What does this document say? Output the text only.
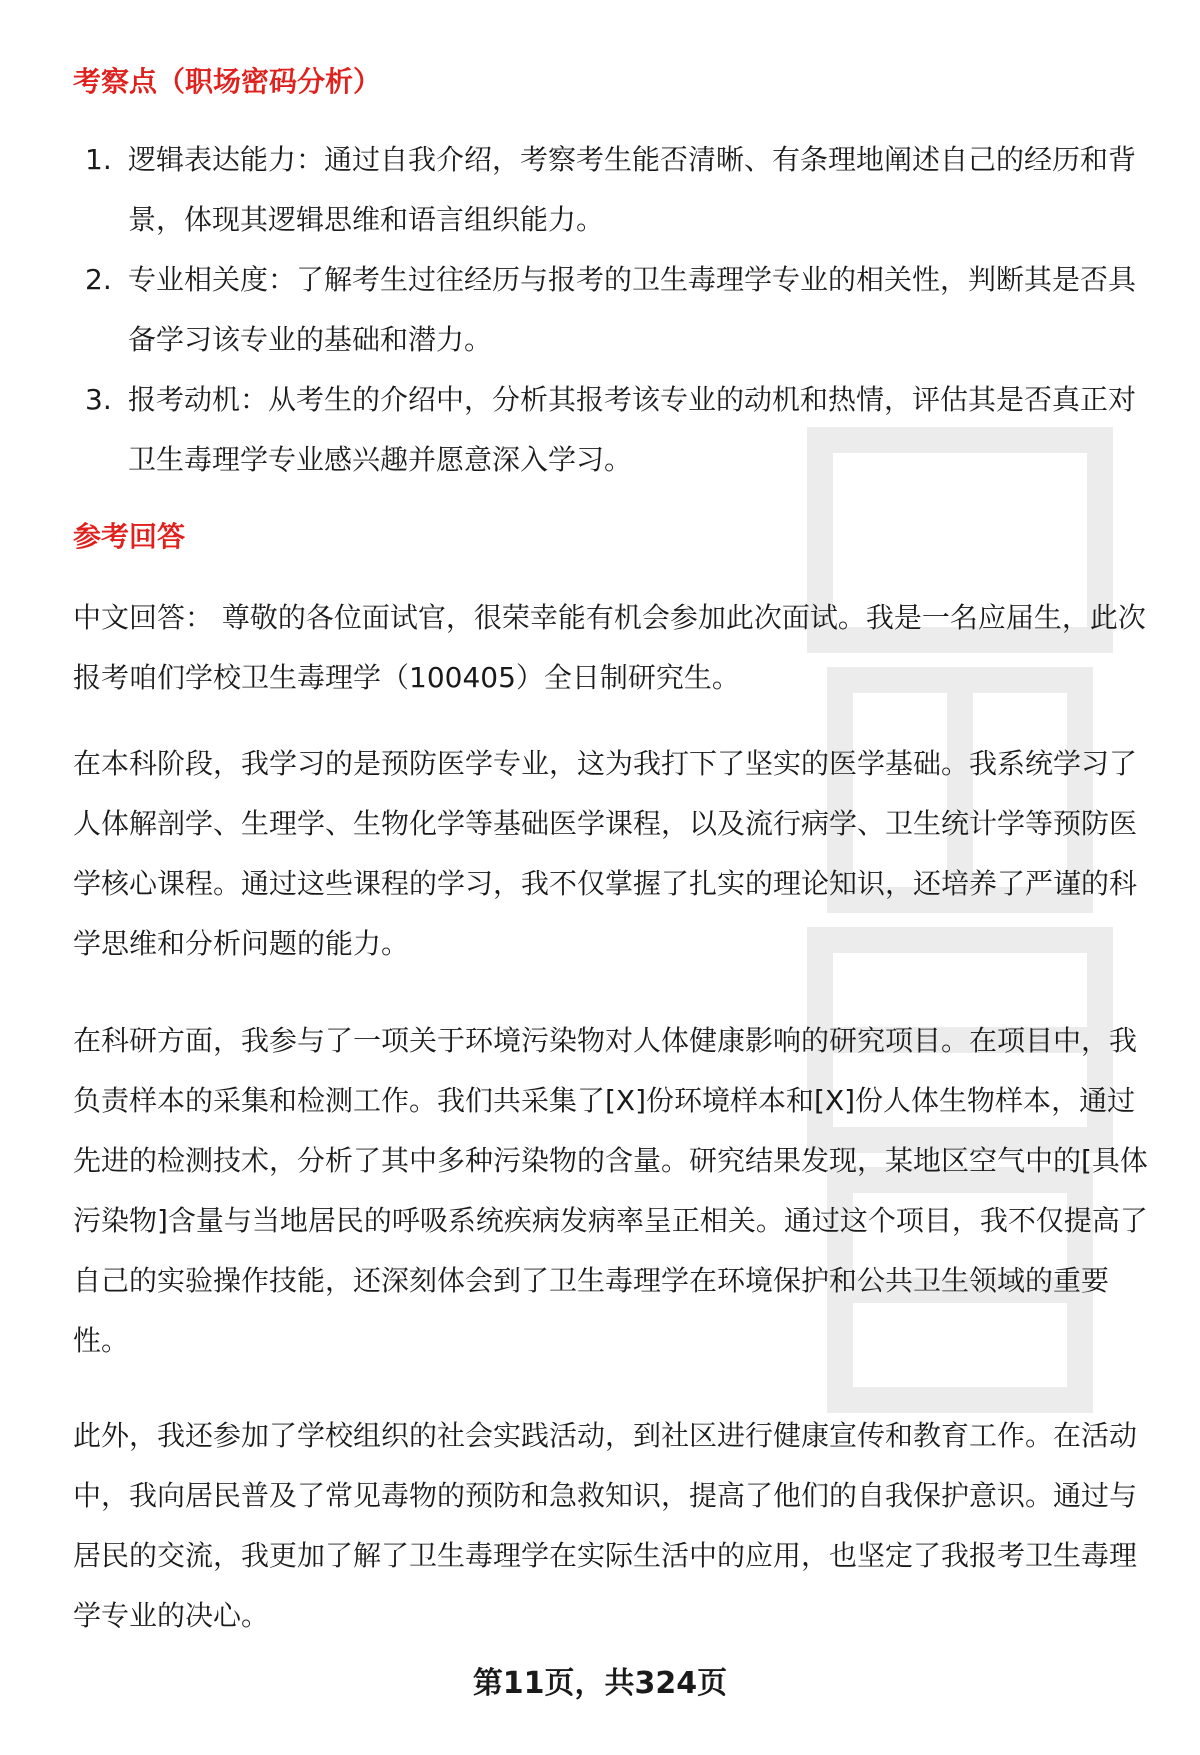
考察点（职场密码分析）
1. 逻辑表达能力：通过自我介绍，考察考生能否清晰、有条理地阐述自己的经历和背景，体现其逻辑思维和语言组织能力。
2. 专业相关度：了解考生过往经历与报考的卫生毒理学专业的相关性，判断其是否具备学习该专业的基础和潜力。
3. 报考动机：从考生的介绍中，分析其报考该专业的动机和热情，评估其是否真正对卫生毒理学专业感兴趣并愿意深入学习。
参考回答

中文回答： 尊敬的各位面试官，很荣幸能有机会参加此次面试。我是一名应届生，此次报考咱们学校卫生毒理学（100405）全日制研究生。

在本科阶段，我学习的是预防医学专业，这为我打下了坚实的医学基础。我系统学习了人体解剖学、生理学、生物化学等基础医学课程，以及流行病学、卫生统计学等预防医学核心课程。通过这些课程的学习，我不仅掌握了扎实的理论知识，还培养了严谨的科学思维和分析问题的能力。

在科研方面，我参与了一项关于环境污染物对人体健康影响的研究项目。在项目中，我负责样本的采集和检测工作。我们共采集了[X]份环境样本和[X]份人体生物样本，通过先进的检测技术，分析了其中多种污染物的含量。研究结果发现，某地区空气中的[具体污染物]含量与当地居民的呼吸系统疾病发病率呈正相关。通过这个项目，我不仅提高了自己的实验操作技能，还深刻体会到了卫生毒理学在环境保护和公共卫生领域的重要性。

此外，我还参加了学校组织的社会实践活动，到社区进行健康宣传和教育工作。在活动中，我向居民普及了常见毒物的预防和急救知识，提高了他们的自我保护意识。通过与居民的交流，我更加了解了卫生毒理学在实际生活中的应用，也坚定了我报考卫生毒理学专业的决心。

第11页，共324页
